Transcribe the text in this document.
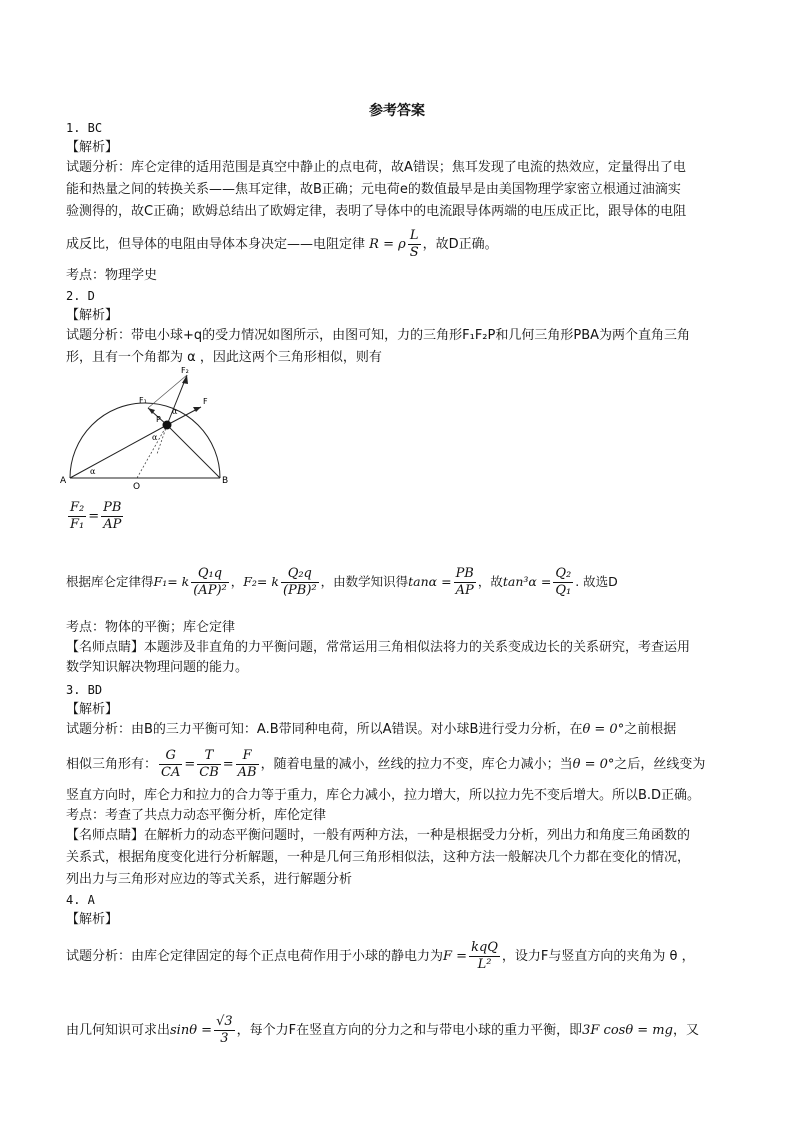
参考答案
1. BC
【解析】
试题分析：库仑定律的适用范围是真空中静止的点电荷，故A错误；焦耳发现了电流的热效应，定量得出了电
能和热量之间的转换关系——焦耳定律，故B正确；元电荷e的数值最早是由美国物理学家密立根通过油滴实
验测得的，故C正确；欧姆总结出了欧姆定律，表明了导体中的电流跟导体两端的电压成正比，跟导体的电阻
成反比，但导体的电阻由导体本身决定——电阻定律 R = ρ $\frac{L}{S}$ ，故D正确。
考点：物理学史
2. D
【解析】
试题分析：带电小球+q的受力情况如图所示，由图可知，力的三角形F₁F₂P和几何三角形PBA为两个直角三角
形，且有一个角都为 α ，因此这两个三角形相似，则有
F₁
F₂
F
P
α
α
α
A
O
B
$\frac{\text{F₂}}{\text{F₁}} = \frac{PB}{AP}$
根据库仑定律得F₁= k $\frac{\text{Q₁q}}{\text{(AP)²}}$ ，F₂= k $\frac{\text{Q₂q}}{\text{(PB)²}}$ ，由数学知识得$\tan\alpha = \frac{PB}{AP}$ ，故$\tan^3\alpha = \frac{\text{Q₂}}{\text{Q₁}}$ . 故选D
考点：物体的平衡；库仑定律
【名师点睛】本题涉及非直角的力平衡问题，常常运用三角相似法将力的关系变成边长的关系研究，考查运用
数学知识解决物理问题的能力。
3. BD
【解析】
试题分析：由B的三力平衡可知：A.B带同种电荷，所以A错误。对小球B进行受力分析，在θ = 0°之前根据
相似三角形有： $\frac{G}{CA} = \frac{T}{CB} = \frac{F}{AB}$ ，随着电量的减小，丝线的拉力不变，库仑力减小；当θ = 0°之后，丝线变为
竖直方向时，库仑力和拉力的合力等于重力，库仑力减小，拉力增大，所以拉力先不变后增大。所以B.D正确。
考点：考查了共点力动态平衡分析，库伦定律
【名师点睛】在解析力的动态平衡问题时，一般有两种方法，一种是根据受力分析，列出力和角度三角函数的
关系式，根据角度变化进行分析解题，一种是几何三角形相似法，这种方法一般解决几个力都在变化的情况，
列出力与三角形对应边的等式关系，进行解题分析
4. A
【解析】
试题分析：由库仑定律固定的每个正点电荷作用于小球的静电力为$F = \frac{\text{kqQ}}{\text{L²}}$ ，设力F与竖直方向的夹角为 θ ，
由几何知识可求出$\sin\theta = \frac{√3}{3}$ ，每个力F在竖直方向的分力之和与带电小球的重力平衡，即3F cosθ = mg，又
